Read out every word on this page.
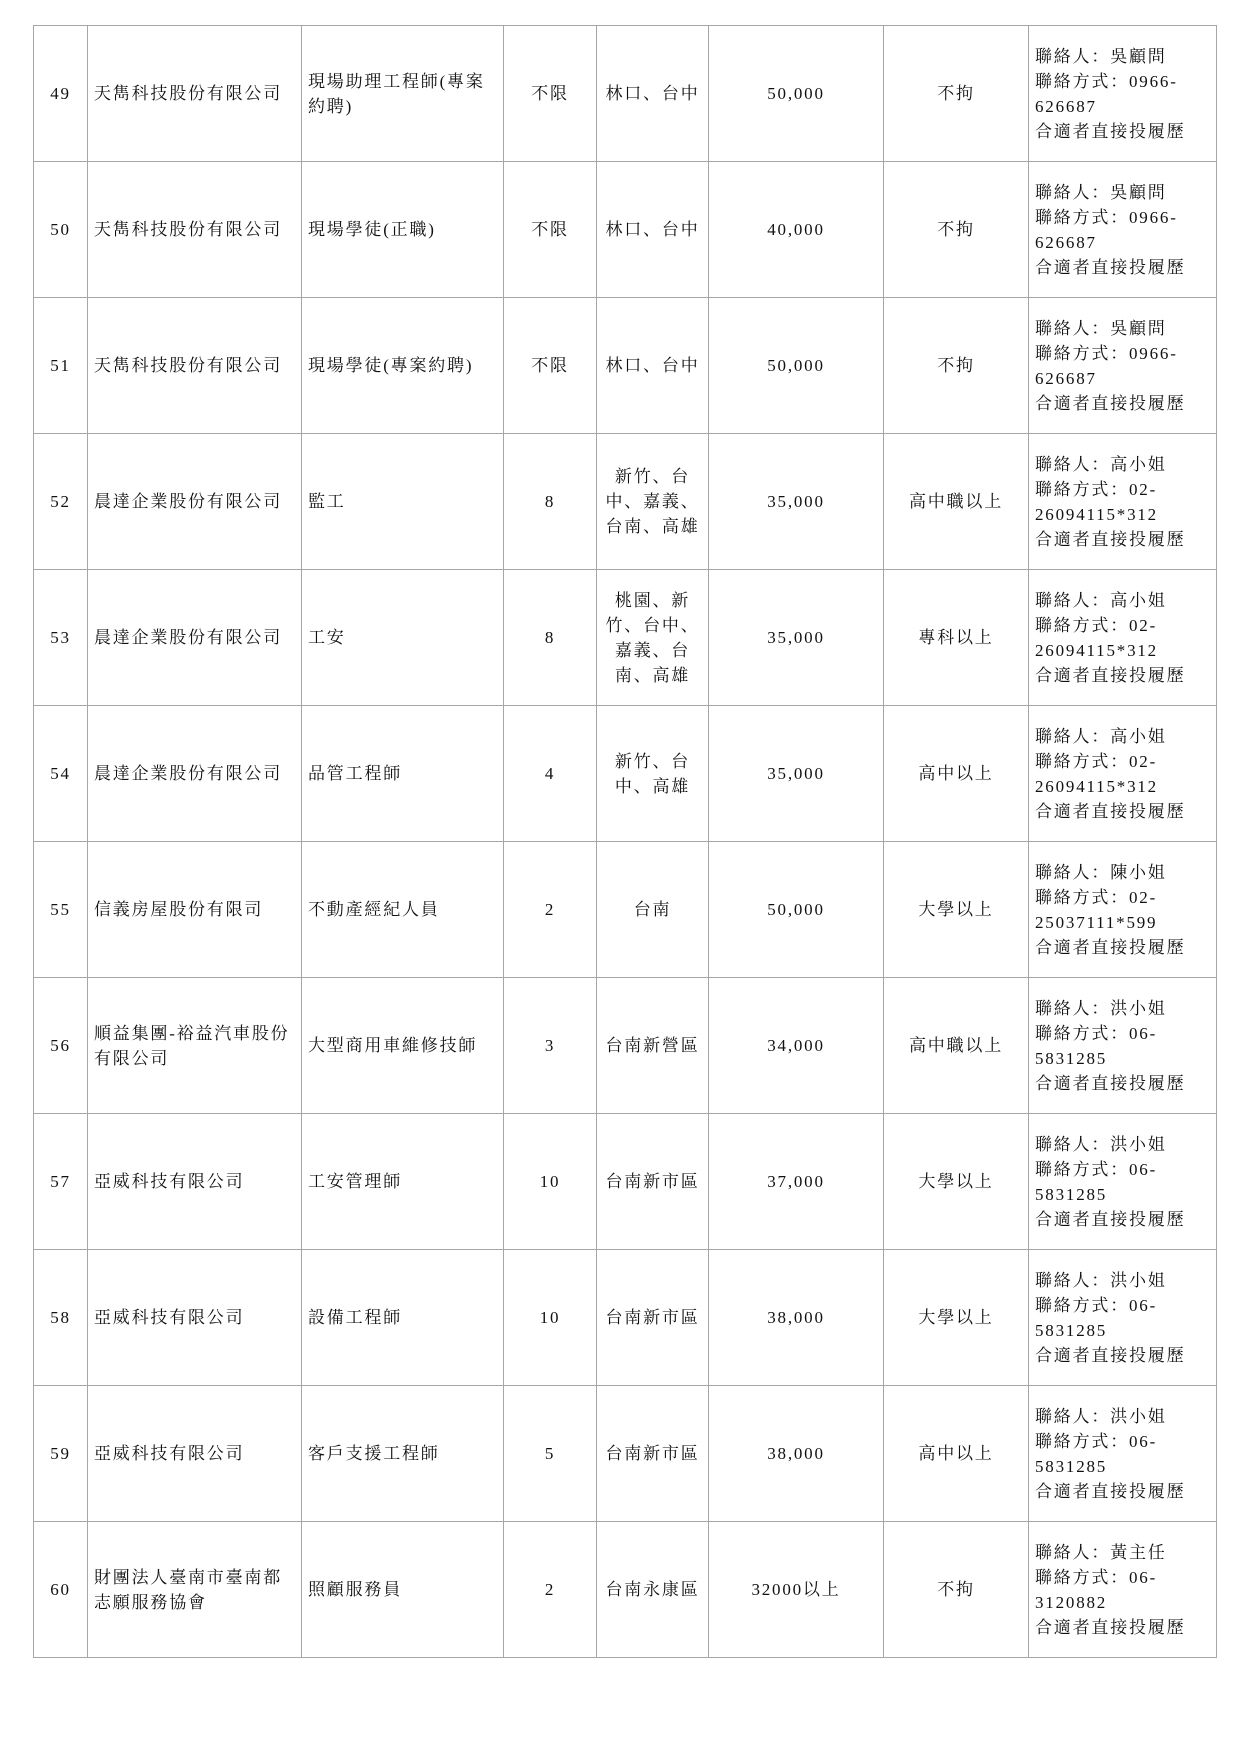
49	天雋科技股份有限公司	現場助理工程師(專案約聘)	不限	林口、台中	50,000	不拘	聯絡人：吳顧問
聯絡方式：0966-626687
合適者直接投履歷

50	天雋科技股份有限公司	現場學徒(正職)	不限	林口、台中	40,000	不拘	聯絡人：吳顧問
聯絡方式：0966-626687
合適者直接投履歷

51	天雋科技股份有限公司	現場學徒(專案約聘)	不限	林口、台中	50,000	不拘	聯絡人：吳顧問
聯絡方式：0966-626687
合適者直接投履歷

52	晨達企業股份有限公司	監工	8	新竹、台中、嘉義、台南、高雄	35,000	高中職以上	聯絡人：高小姐
聯絡方式：02-26094115*312
合適者直接投履歷

53	晨達企業股份有限公司	工安	8	桃園、新竹、台中、嘉義、台南、高雄	35,000	專科以上	聯絡人：高小姐
聯絡方式：02-26094115*312
合適者直接投履歷

54	晨達企業股份有限公司	品管工程師	4	新竹、台中、高雄	35,000	高中以上	聯絡人：高小姐
聯絡方式：02-26094115*312
合適者直接投履歷

55	信義房屋股份有限司	不動產經紀人員	2	台南	50,000	大學以上	聯絡人：陳小姐
聯絡方式：02-25037111*599
合適者直接投履歷

56	順益集團-裕益汽車股份有限公司	大型商用車維修技師	3	台南新營區	34,000	高中職以上	聯絡人：洪小姐
聯絡方式：06-5831285
合適者直接投履歷

57	亞威科技有限公司	工安管理師	10	台南新市區	37,000	大學以上	聯絡人：洪小姐
聯絡方式：06-5831285
合適者直接投履歷

58	亞威科技有限公司	設備工程師	10	台南新市區	38,000	大學以上	聯絡人：洪小姐
聯絡方式：06-5831285
合適者直接投履歷

59	亞威科技有限公司	客戶支援工程師	5	台南新市區	38,000	高中以上	聯絡人：洪小姐
聯絡方式：06-5831285
合適者直接投履歷

60	財團法人臺南市臺南都志願服務協會	照顧服務員	2	台南永康區	32000以上	不拘	聯絡人：黃主任
聯絡方式：06-3120882
合適者直接投履歷
